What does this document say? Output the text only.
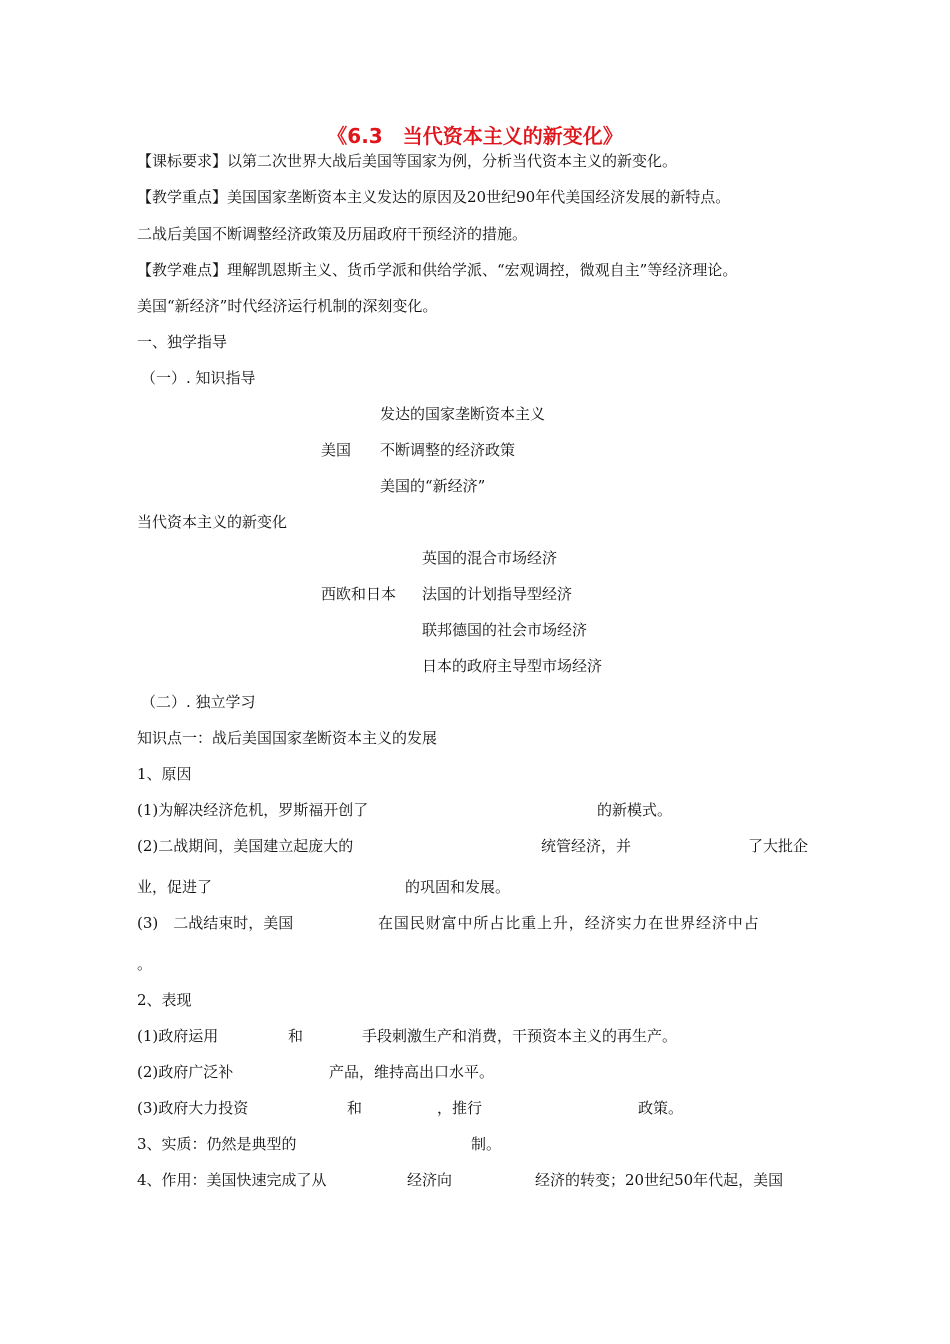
《6.3　当代资本主义的新变化》
【课标要求】以第二次世界大战后美国等国家为例，分析当代资本主义的新变化。
【教学重点】美国国家垄断资本主义发达的原因及20世纪90年代美国经济发展的新特点。
二战后美国不断调整经济政策及历届政府干预经济的措施。
【教学难点】理解凯恩斯主义、货币学派和供给学派、“宏观调控，微观自主”等经济理论。
美国“新经济”时代经济运行机制的深刻变化。
一、独学指导
（一）. 知识指导
发达的国家垄断资本主义
美国 不断调整的经济政策
美国的“新经济”
当代资本主义的新变化
英国的混合市场经济
西欧和日本 法国的计划指导型经济
联邦德国的社会市场经济
日本的政府主导型市场经济
（二）. 独立学习
知识点一：战后美国国家垄断资本主义的发展
1、原因
(1)为解决经济危机，罗斯福开创了	的新模式。
(2)二战期间，美国建立起庞大的	统管经济，并	了大批企
业，促进了	的巩固和发展。
(3)　二战结束时，美国	在国民财富中所占比重上升，经济实力在世界经济中占
。
2、表现
(1)政府运用	和	手段刺激生产和消费，干预资本主义的再生产。
(2)政府广泛补	产品，维持高出口水平。
(3)政府大力投资	和	，推行	政策。
3、实质：仍然是典型的	制。
4、作用：美国快速完成了从	经济向	经济的转变；20世纪50年代起，美国
